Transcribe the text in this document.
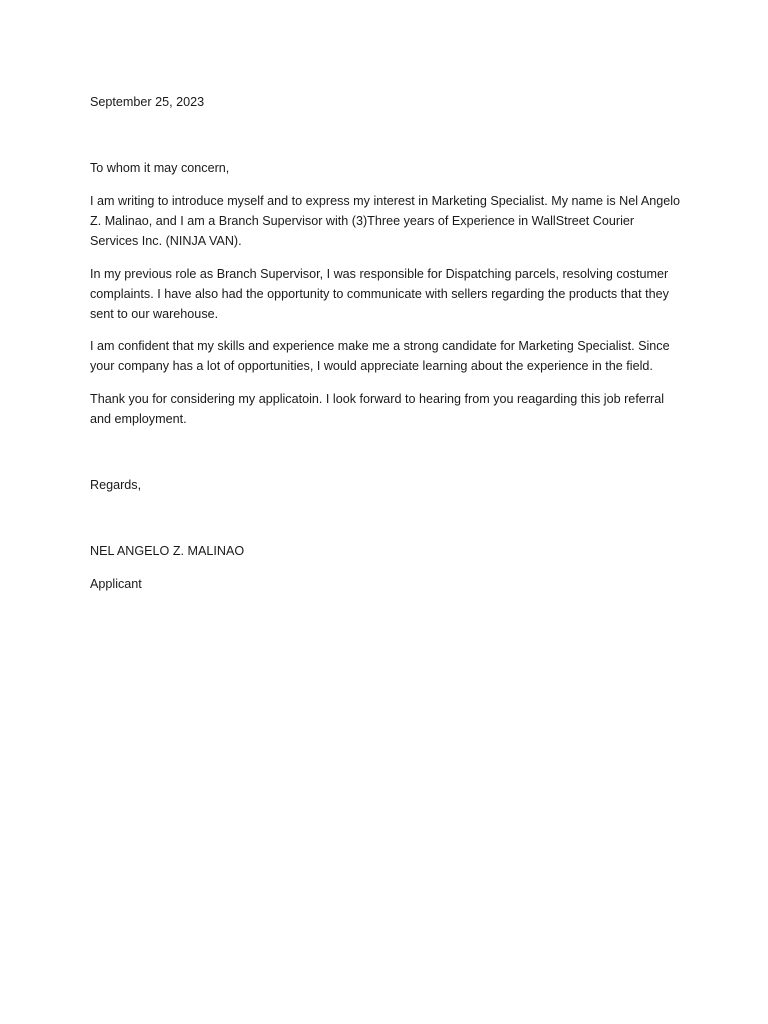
September 25, 2023

To whom it may concern,

I am writing to introduce myself and to express my interest in Marketing Specialist. My name is Nel Angelo Z. Malinao, and I am a Branch Supervisor with (3)Three years of Experience in WallStreet Courier Services Inc. (NINJA VAN).

In my previous role as Branch Supervisor, I was responsible for Dispatching parcels, resolving costumer complaints. I have also had the opportunity to communicate with sellers regarding the products that they sent to our warehouse.

I am confident that my skills and experience make me a strong candidate for Marketing Specialist. Since your company has a lot of opportunities, I would appreciate learning about the experience in the field.

Thank you for considering my applicatoin. I look forward to hearing from you reagarding this job referral and employment.

Regards,

NEL ANGELO Z. MALINAO

Applicant
